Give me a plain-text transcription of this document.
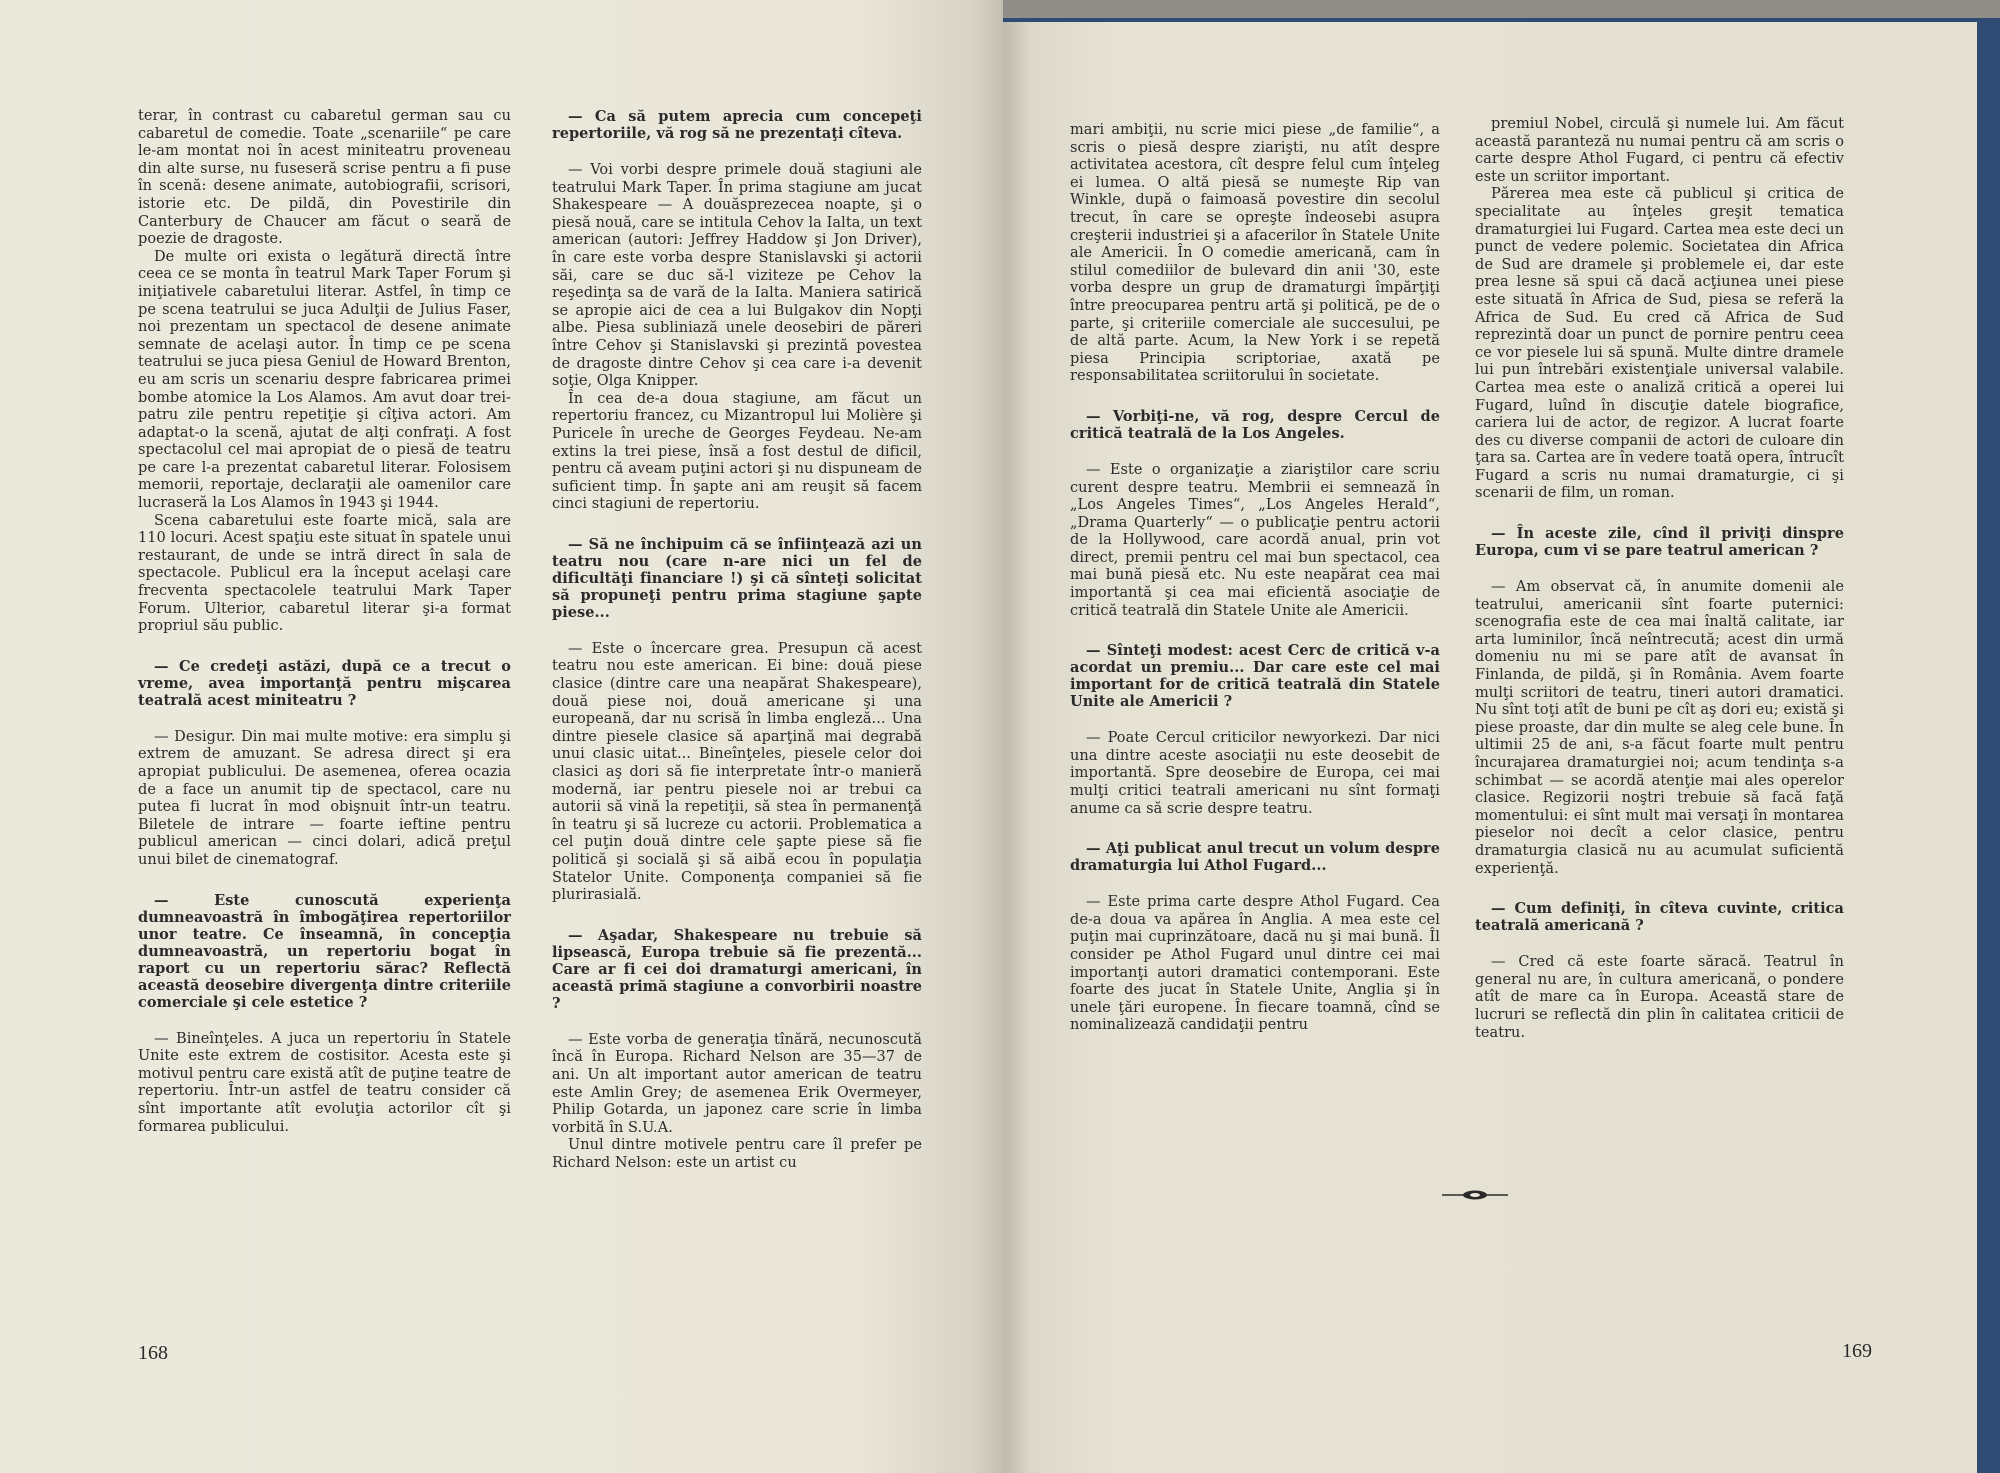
terar, în contrast cu cabaretul german sau cu cabaretul de comedie. Toate „scenariile“ pe care le-am montat noi în acest miniteatru proveneau din alte surse, nu fuseseră scrise pentru a fi puse în scenă: desene animate, autobiografii, scrisori, istorie etc. De pildă, din Povestirile din Canterbury de Chaucer am făcut o seară de poezie de dragoste.

De multe ori exista o legătură directă între ceea ce se monta în teatrul Mark Taper Forum şi iniţiativele cabaretului literar. Astfel, în timp ce pe scena teatrului se juca Adulţii de Julius Faser, noi prezentam un spectacol de desene animate semnate de acelaşi autor. În timp ce pe scena teatrului se juca piesa Geniul de Howard Brenton, eu am scris un scenariu despre fabricarea primei bombe atomice la Los Alamos. Am avut doar trei-patru zile pentru repetiţie şi cîţiva actori. Am adaptat-o la scenă, ajutat de alţi confraţi. A fost spectacolul cel mai apropiat de o piesă de teatru pe care l-a prezentat cabaretul literar. Folosisem memorii, reportaje, declaraţii ale oamenilor care lucraseră la Los Alamos în 1943 şi 1944.

Scena cabaretului este foarte mică, sala are 110 locuri. Acest spaţiu este situat în spatele unui restaurant, de unde se intră direct în sala de spectacole. Publicul era la început acelaşi care frecventa spectacolele teatrului Mark Taper Forum. Ulterior, cabaretul literar şi-a format propriul său public.

— Ce credeţi astăzi, după ce a trecut o vreme, avea importanţă pentru mişcarea teatrală acest miniteatru ?

— Desigur. Din mai multe motive: era simplu şi extrem de amuzant. Se adresa direct şi era apropiat publicului. De asemenea, oferea ocazia de a face un anumit tip de spectacol, care nu putea fi lucrat în mod obişnuit într-un teatru. Biletele de intrare — foarte ieftine pentru publicul american — cinci dolari, adică preţul unui bilet de cinematograf.

— Este cunoscută experienţa dumneavoastră în îmbogăţirea repertoriilor unor teatre. Ce înseamnă, în concepţia dumneavoastră, un repertoriu bogat în raport cu un repertoriu sărac? Reflectă această deosebire divergenţa dintre criteriile comerciale şi cele estetice ?

— Bineînţeles. A juca un repertoriu în Statele Unite este extrem de costisitor. Acesta este şi motivul pentru care există atît de puţine teatre de repertoriu. Într-un astfel de teatru consider că sînt importante atît evoluţia actorilor cît şi formarea publicului.

— Ca să putem aprecia cum concepeţi repertoriile, vă rog să ne prezentaţi cîteva.

— Voi vorbi despre primele două stagiuni ale teatrului Mark Taper. În prima stagiune am jucat Shakespeare — A douăsprezecea noapte, şi o piesă nouă, care se intitula Cehov la Ialta, un text american (autori: Jeffrey Haddow şi Jon Driver), în care este vorba despre Stanislavski şi actorii săi, care se duc să-l viziteze pe Cehov la reşedinţa sa de vară de la Ialta. Maniera satirică se apropie aici de cea a lui Bulgakov din Nopţi albe. Piesa subliniază unele deosebiri de păreri între Cehov şi Stanislavski şi prezintă povestea de dragoste dintre Cehov şi cea care i-a devenit soţie, Olga Knipper.

În cea de-a doua stagiune, am făcut un repertoriu francez, cu Mizantropul lui Molière şi Puricele în ureche de Georges Feydeau. Ne-am extins la trei piese, însă a fost destul de dificil, pentru că aveam puţini actori şi nu dispuneam de suficient timp. În şapte ani am reuşit să facem cinci stagiuni de repertoriu.

— Să ne închipuim că se înfiinţează azi un teatru nou (care n-are nici un fel de dificultăţi financiare !) şi că sînteţi solicitat să propuneţi pentru prima stagiune şapte piese...

— Este o încercare grea. Presupun că acest teatru nou este american. Ei bine: două piese clasice (dintre care una neapărat Shakespeare), două piese noi, două americane şi una europeană, dar nu scrisă în limba engleză... Una dintre piesele clasice să aparţină mai degrabă unui clasic uitat... Bineînţeles, piesele celor doi clasici aş dori să fie interpretate într-o manieră modernă, iar pentru piesele noi ar trebui ca autorii să vină la repetiţii, să stea în permanenţă în teatru şi să lucreze cu actorii. Problematica a cel puţin două dintre cele şapte piese să fie politică şi socială şi să aibă ecou în populaţia Statelor Unite. Componenţa companiei să fie plurirasială.

— Aşadar, Shakespeare nu trebuie să lipsească, Europa trebuie să fie prezentă... Care ar fi cei doi dramaturgi americani, în această primă stagiune a convorbirii noastre ?

— Este vorba de generaţia tînără, necunoscută încă în Europa. Richard Nelson are 35—37 de ani. Un alt important autor american de teatru este Amlin Grey; de asemenea Erik Overmeyer, Philip Gotarda, un japonez care scrie în limba vorbită în S.U.A.

Unul dintre motivele pentru care îl prefer pe Richard Nelson: este un artist cu

168

mari ambiţii, nu scrie mici piese „de familie“, a scris o piesă despre ziarişti, nu atît despre activitatea acestora, cît despre felul cum înţeleg ei lumea. O altă piesă se numeşte Rip van Winkle, după o faimoasă povestire din secolul trecut, în care se opreşte îndeosebi asupra creşterii industriei şi a afacerilor în Statele Unite ale Americii. În O comedie americană, cam în stilul comediilor de bulevard din anii '30, este vorba despre un grup de dramaturgi împărţiţi între preocuparea pentru artă şi politică, pe de o parte, şi criteriile comerciale ale succesului, pe de altă parte. Acum, la New York i se repetă piesa Principia scriptoriae, axată pe responsabilitatea scriitorului în societate.

— Vorbiţi-ne, vă rog, despre Cercul de critică teatrală de la Los Angeles.

— Este o organizaţie a ziariştilor care scriu curent despre teatru. Membrii ei semnează în „Los Angeles Times“, „Los Angeles Herald“, „Drama Quarterly“ — o publicaţie pentru actorii de la Hollywood, care acordă anual, prin vot direct, premii pentru cel mai bun spectacol, cea mai bună piesă etc. Nu este neapărat cea mai importantă şi cea mai eficientă asociaţie de critică teatrală din Statele Unite ale Americii.

— Sînteţi modest: acest Cerc de critică v-a acordat un premiu... Dar care este cel mai important for de critică teatrală din Statele Unite ale Americii ?

— Poate Cercul criticilor newyorkezi. Dar nici una dintre aceste asociaţii nu este deosebit de importantă. Spre deosebire de Europa, cei mai mulţi critici teatrali americani nu sînt formaţi anume ca să scrie despre teatru.

— Aţi publicat anul trecut un volum despre dramaturgia lui Athol Fugard...

— Este prima carte despre Athol Fugard. Cea de-a doua va apărea în Anglia. A mea este cel puţin mai cuprinzătoare, dacă nu şi mai bună. Îl consider pe Athol Fugard unul dintre cei mai importanţi autori dramatici contemporani. Este foarte des jucat în Statele Unite, Anglia şi în unele ţări europene. În fiecare toamnă, cînd se nominalizează candidaţii pentru

premiul Nobel, circulă şi numele lui. Am făcut această paranteză nu numai pentru că am scris o carte despre Athol Fugard, ci pentru că efectiv este un scriitor important.

Părerea mea este că publicul şi critica de specialitate au înţeles greşit tematica dramaturgiei lui Fugard. Cartea mea este deci un punct de vedere polemic. Societatea din Africa de Sud are dramele şi problemele ei, dar este prea lesne să spui că dacă acţiunea unei piese este situată în Africa de Sud, piesa se referă la Africa de Sud. Eu cred că Africa de Sud reprezintă doar un punct de pornire pentru ceea ce vor piesele lui să spună. Multe dintre dramele lui pun întrebări existenţiale universal valabile. Cartea mea este o analiză critică a operei lui Fugard, luînd în discuţie datele biografice, cariera lui de actor, de regizor. A lucrat foarte des cu diverse companii de actori de culoare din ţara sa. Cartea are în vedere toată opera, întrucît Fugard a scris nu numai dramaturgie, ci şi scenarii de film, un roman.

— În aceste zile, cînd îl priviţi dinspre Europa, cum vi se pare teatrul american ?

— Am observat că, în anumite domenii ale teatrului, americanii sînt foarte puternici: scenografia este de cea mai înaltă calitate, iar arta luminilor, încă neîntrecută; acest din urmă domeniu nu mi se pare atît de avansat în Finlanda, de pildă, şi în România. Avem foarte mulţi scriitori de teatru, tineri autori dramatici. Nu sînt toţi atît de buni pe cît aş dori eu; există şi piese proaste, dar din multe se aleg cele bune. În ultimii 25 de ani, s-a făcut foarte mult pentru încurajarea dramaturgiei noi; acum tendinţa s-a schimbat — se acordă atenţie mai ales operelor clasice. Regizorii noştri trebuie să facă faţă momentului: ei sînt mult mai versaţi în montarea pieselor noi decît a celor clasice, pentru dramaturgia clasică nu au acumulat suficientă experienţă.

— Cum definiţi, în cîteva cuvinte, critica teatrală americană ?

— Cred că este foarte săracă. Teatrul în general nu are, în cultura americană, o pondere atît de mare ca în Europa. Această stare de lucruri se reflectă din plin în calitatea criticii de teatru.

169
